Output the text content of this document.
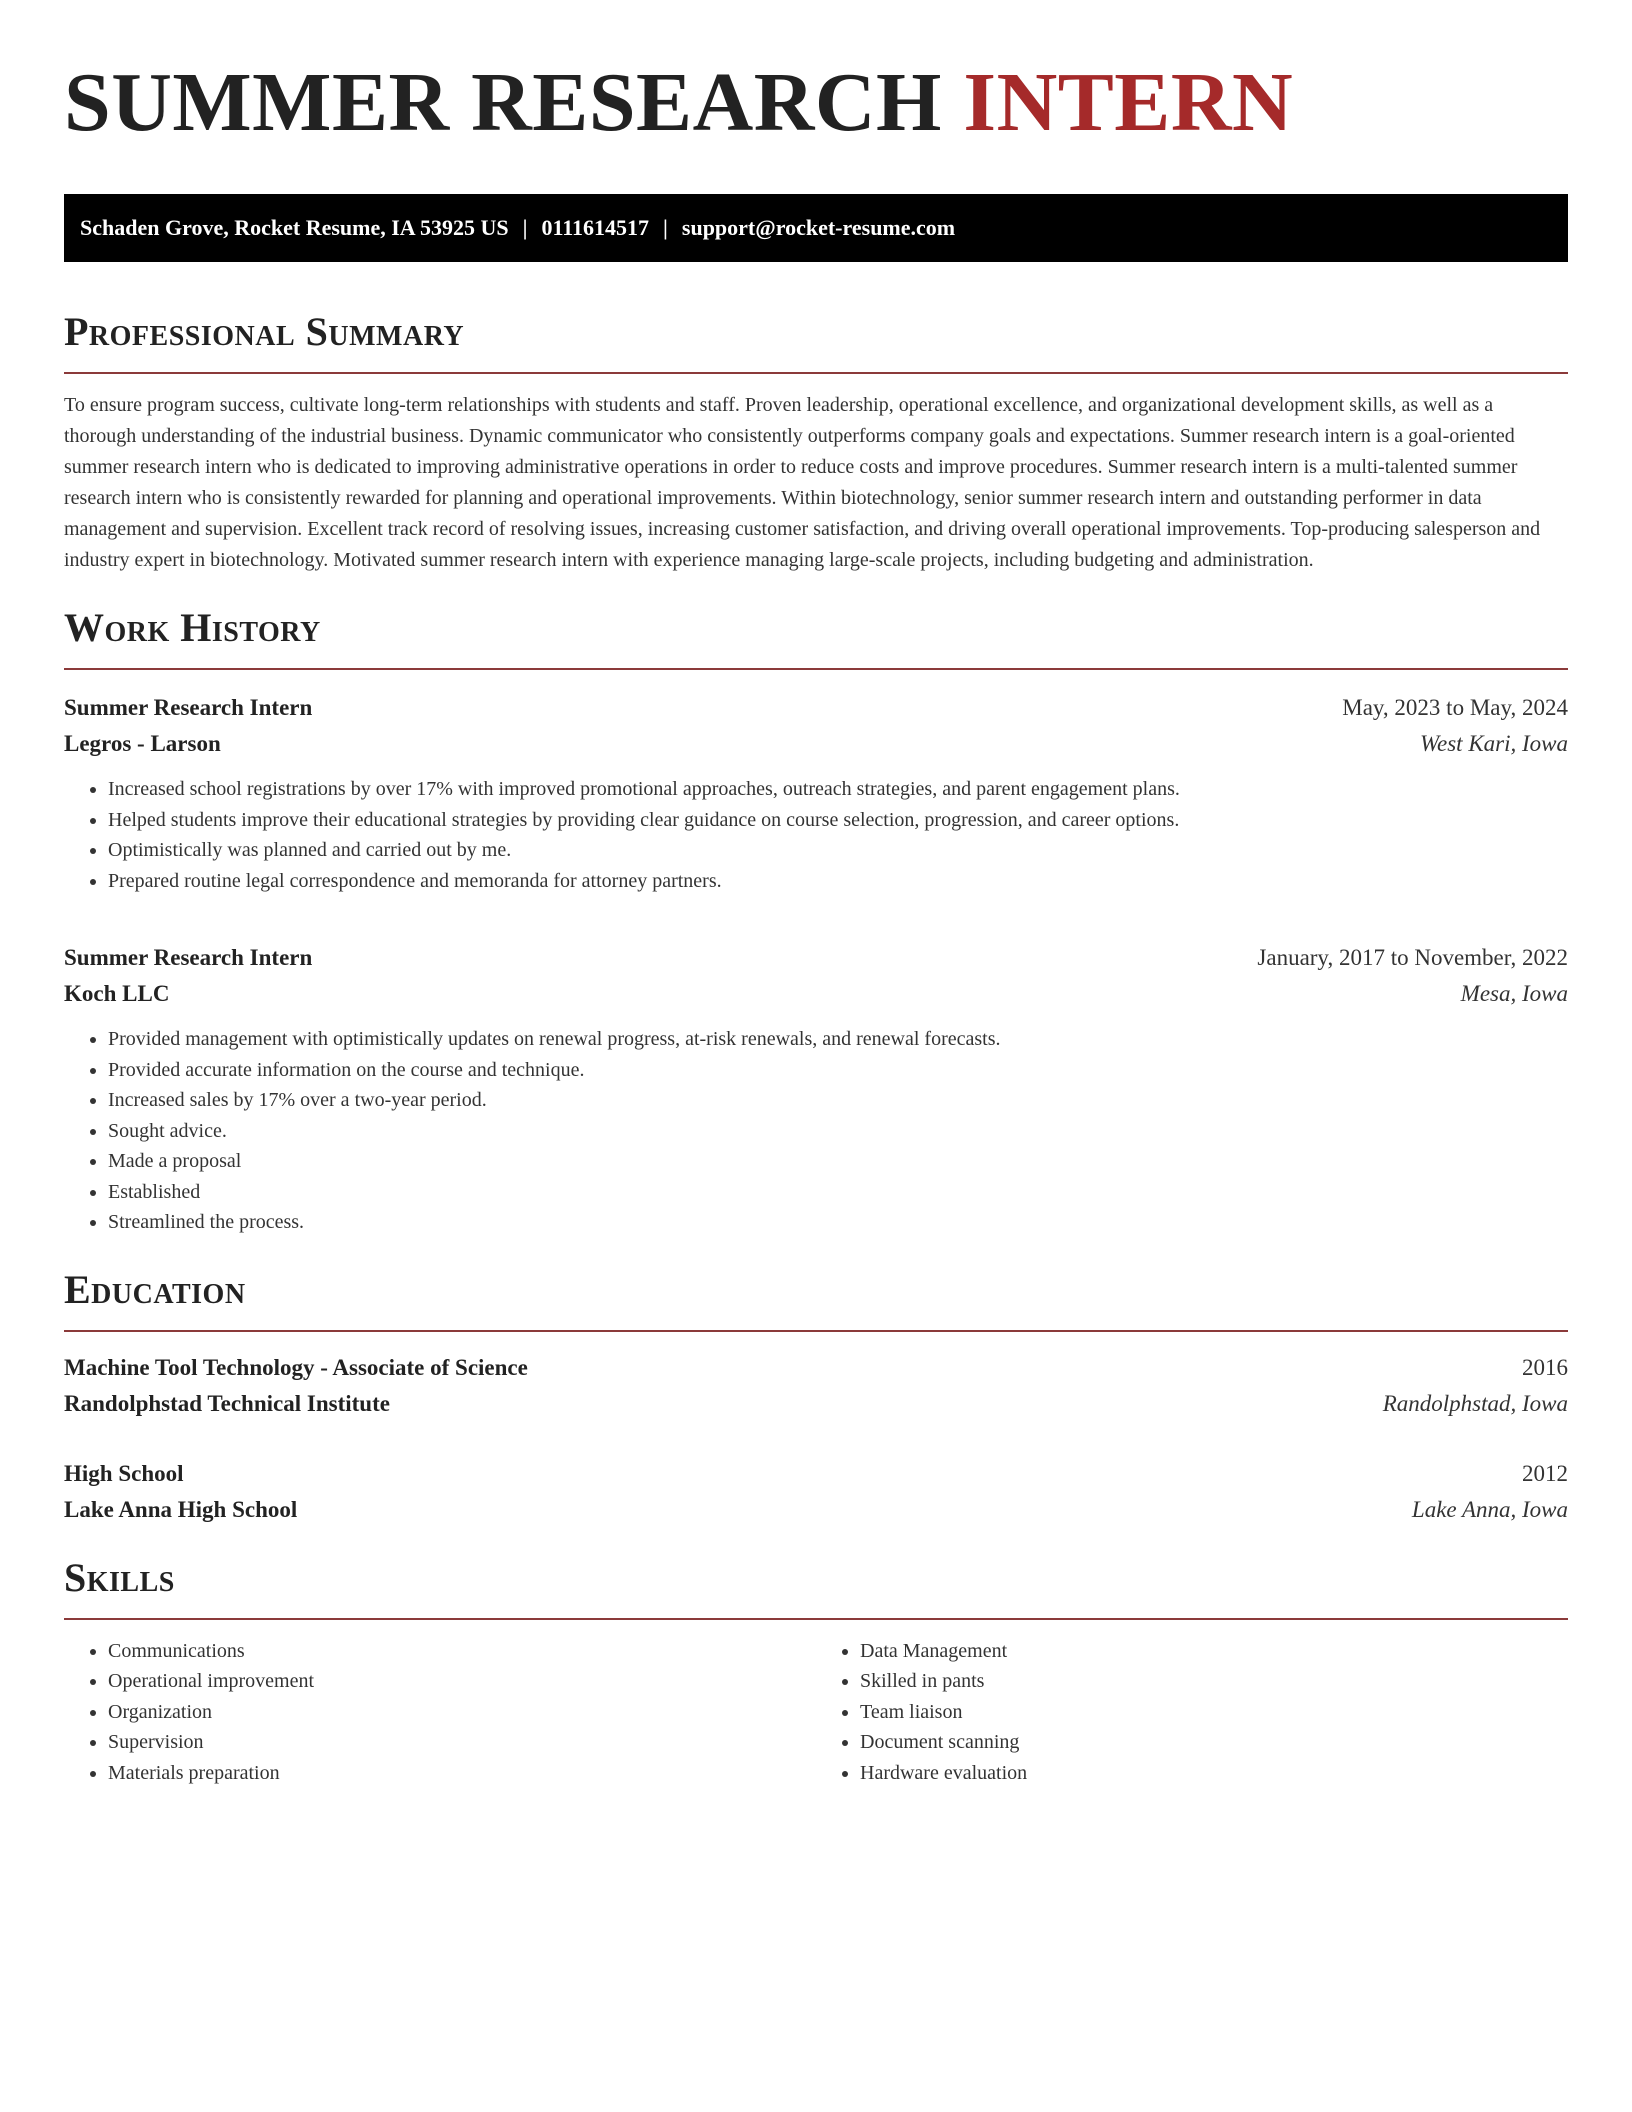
SUMMER RESEARCH INTERN
Schaden Grove, Rocket Resume, IA 53925 US | 0111614517 | support@rocket-resume.com
Professional Summary

To ensure program success, cultivate long-term relationships with students and staff. Proven leadership, operational excellence, and organizational development skills, as well as a thorough understanding of the industrial business. Dynamic communicator who consistently outperforms company goals and expectations. Summer research intern is a goal-oriented summer research intern who is dedicated to improving administrative operations in order to reduce costs and improve procedures. Summer research intern is a multi-talented summer research intern who is consistently rewarded for planning and operational improvements. Within biotechnology, senior summer research intern and outstanding performer in data management and supervision. Excellent track record of resolving issues, increasing customer satisfaction, and driving overall operational improvements. Top-producing salesperson and industry expert in biotechnology. Motivated summer research intern with experience managing large-scale projects, including budgeting and administration.

Work History
Summer Research Intern	May, 2023 to May, 2024
Legros - Larson	West Kari, Iowa
• Increased school registrations by over 17% with improved promotional approaches, outreach strategies, and parent engagement plans.
• Helped students improve their educational strategies by providing clear guidance on course selection, progression, and career options.
• Optimistically was planned and carried out by me.
• Prepared routine legal correspondence and memoranda for attorney partners.
Summer Research Intern	January, 2017 to November, 2022
Koch LLC	Mesa, Iowa
• Provided management with optimistically updates on renewal progress, at-risk renewals, and renewal forecasts.
• Provided accurate information on the course and technique.
• Increased sales by 17% over a two-year period.
• Sought advice.
• Made a proposal
• Established
• Streamlined the process.
Education
Machine Tool Technology - Associate of Science	2016
Randolphstad Technical Institute	Randolphstad, Iowa
High School	2012
Lake Anna High School	Lake Anna, Iowa
Skills
• Communications
• Operational improvement
• Organization
• Supervision
• Materials preparation
• Data Management
• Skilled in pants
• Team liaison
• Document scanning
• Hardware evaluation
